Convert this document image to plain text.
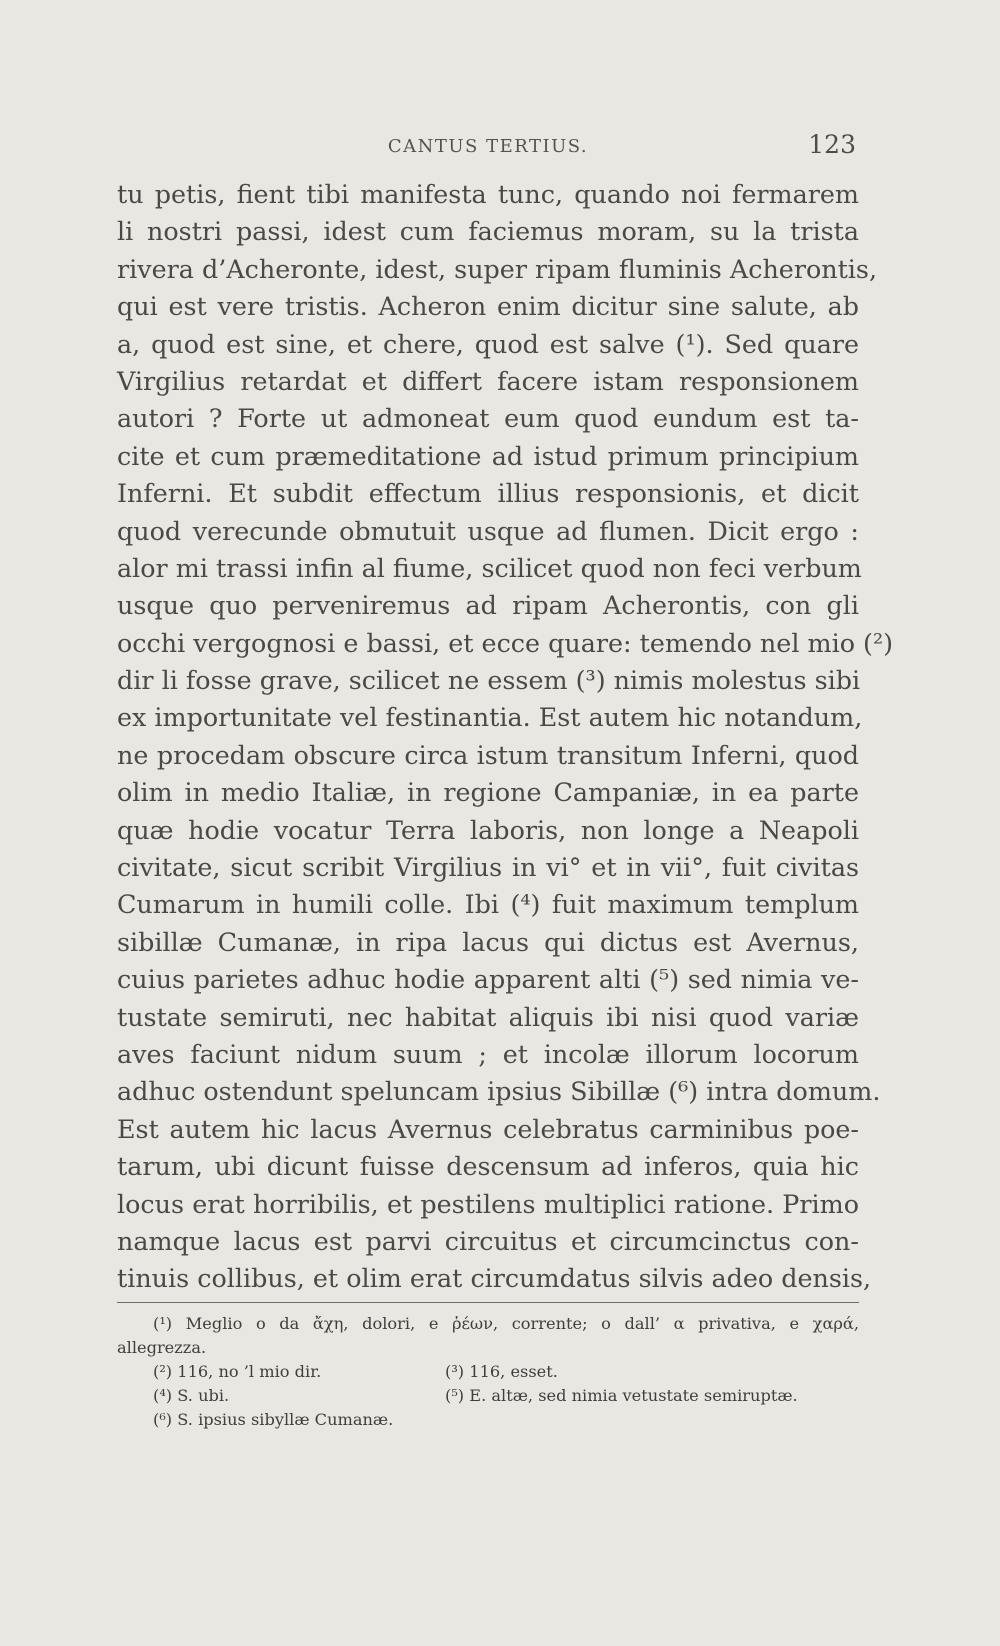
CANTUS TERTIUS.	123
tu petis, fient tibi manifesta tunc, quando noi fermarem
li nostri passi, idest cum faciemus moram, su la trista
rivera d’Acheronte, idest, super ripam fluminis Acherontis,
qui est vere tristis. Acheron enim dicitur sine salute, ab
a, quod est sine, et chere, quod est salve (¹). Sed quare
Virgilius retardat et differt facere istam responsionem
autori ? Forte ut admoneat eum quod eundum est ta-
cite et cum præmeditatione ad istud primum principium
Inferni. Et subdit effectum illius responsionis, et dicit
quod verecunde obmutuit usque ad flumen. Dicit ergo :
alor mi trassi infin al fiume, scilicet quod non feci verbum
usque quo perveniremus ad ripam Acherontis, con gli
occhi vergognosi e bassi, et ecce quare: temendo nel mio (²)
dir li fosse grave, scilicet ne essem (³) nimis molestus sibi
ex importunitate vel festinantia. Est autem hic notandum,
ne procedam obscure circa istum transitum Inferni, quod
olim in medio Italiæ, in regione Campaniæ, in ea parte
quæ hodie vocatur Terra laboris, non longe a Neapoli
civitate, sicut scribit Virgilius in vi° et in vii°, fuit civitas
Cumarum in humili colle. Ibi (⁴) fuit maximum templum
sibillæ Cumanæ, in ripa lacus qui dictus est Avernus,
cuius parietes adhuc hodie apparent alti (⁵) sed nimia ve-
tustate semiruti, nec habitat aliquis ibi nisi quod variæ
aves faciunt nidum suum ; et incolæ illorum locorum
adhuc ostendunt speluncam ipsius Sibillæ (⁶) intra domum.
Est autem hic lacus Avernus celebratus carminibus poe-
tarum, ubi dicunt fuisse descensum ad inferos, quia hic
locus erat horribilis, et pestilens multiplici ratione. Primo
namque lacus est parvi circuitus et circumcinctus con-
tinuis collibus, et olim erat circumdatus silvis adeo densis,
(¹) Meglio o da ἄχη, dolori, e ῥέων, corrente; o dall’ α privativa, e χαρά,
allegrezza.
(²) 116, no ’l mio dir.	(³) 116, esset.
(⁴) S. ubi.	(⁵) E. altæ, sed nimia vetustate semiruptæ.
(⁶) S. ipsius sibyllæ Cumanæ.
